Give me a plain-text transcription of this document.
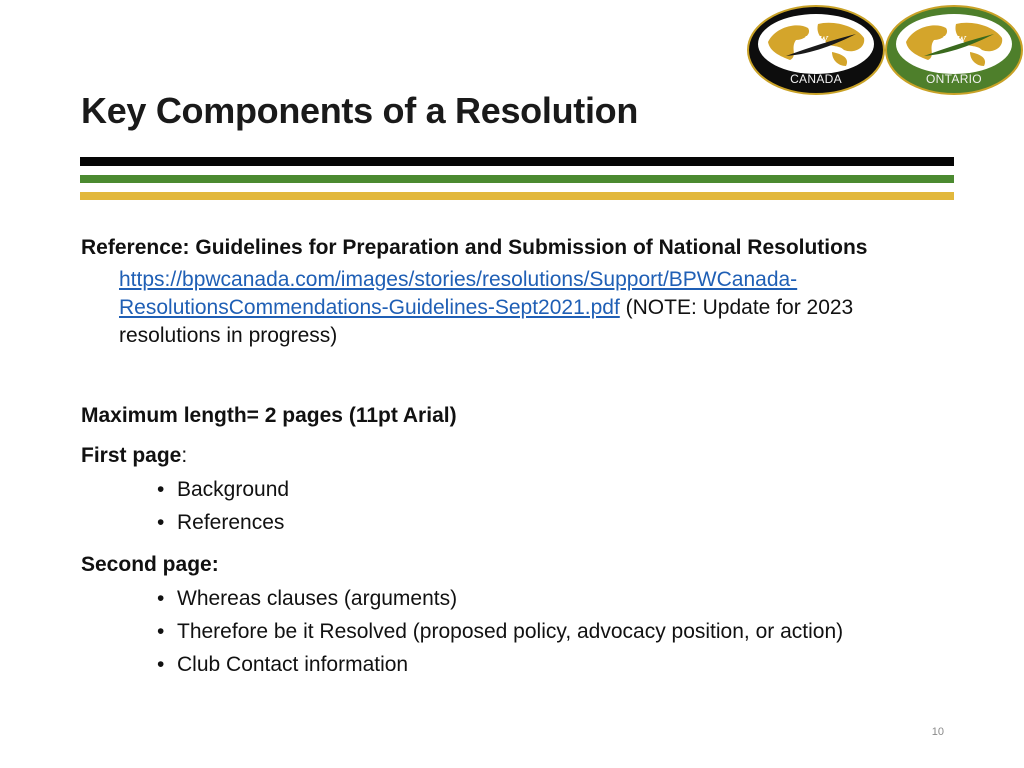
BPW
CANADA
BPW
ONTARIO
Key Components of a Resolution
Reference: Guidelines for Preparation and Submission of National Resolutions
https://bpwcanada.com/images/stories/resolutions/Support/BPWCanada-
ResolutionsCommendations-Guidelines-Sept2021.pdf (NOTE: Update for 2023
resolutions in progress)
Maximum length= 2 pages (11pt Arial)
First page:
• Background
• References
Second page:
• Whereas clauses (arguments)
• Therefore be it Resolved (proposed policy, advocacy position, or action)
• Club Contact information
10
